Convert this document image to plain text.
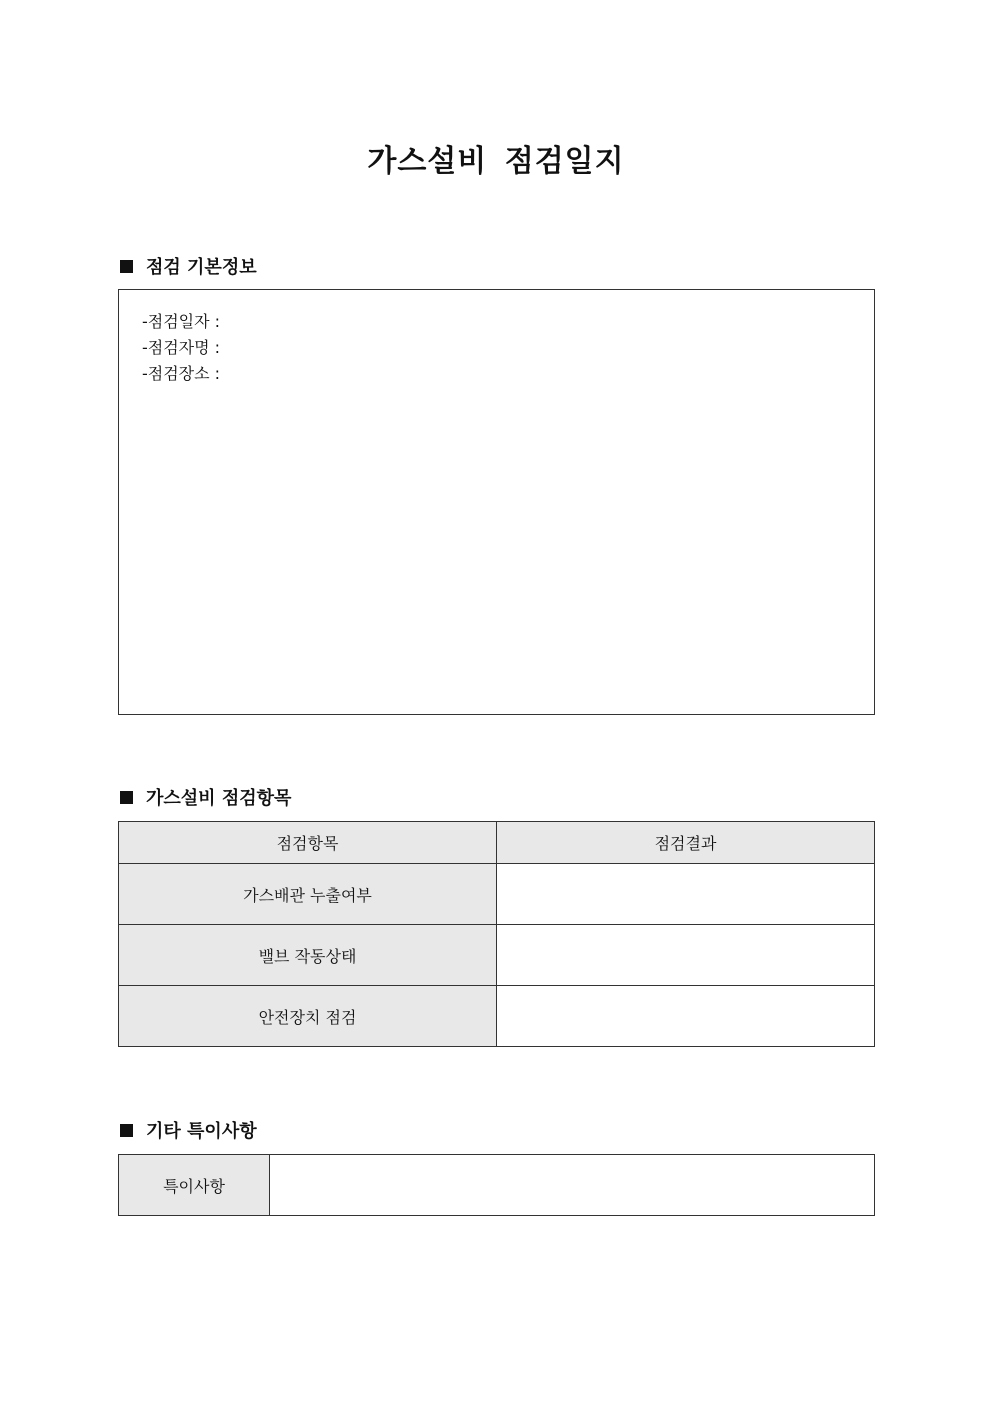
가스설비 점검일지
점검 기본정보
-점검일자 :
-점검자명 :
-점검장소 :
가스설비 점검항목
점검항목	점검결과
가스배관 누출여부	
밸브 작동상태	
안전장치 점검	
기타 특이사항
특이사항	
